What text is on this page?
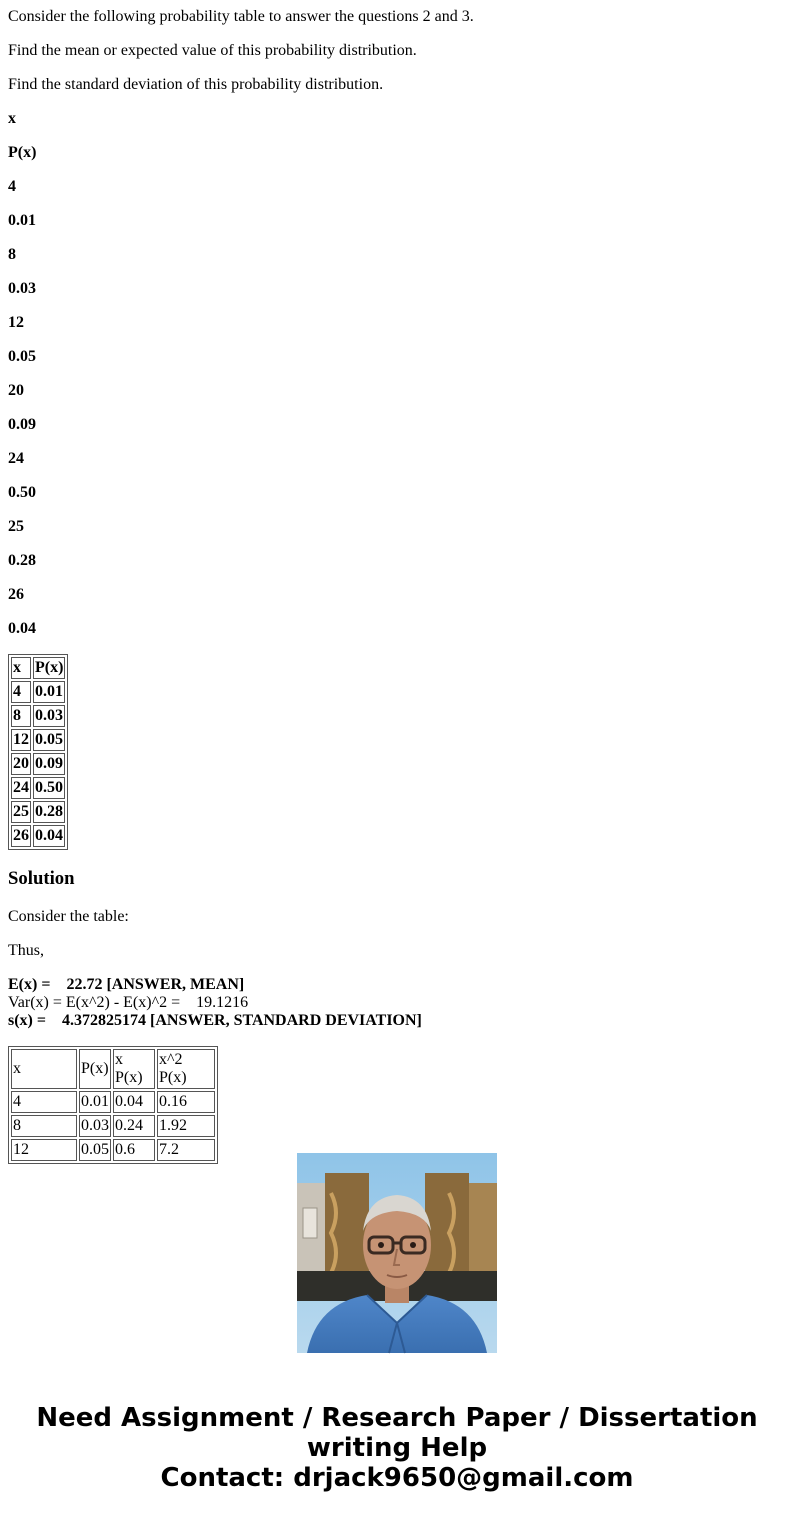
Consider the following probability table to answer the questions 2 and 3.

Find the mean or expected value of this probability distribution.

Find the standard deviation of this probability distribution.

x

P(x)

4

0.01

8

0.03

12

0.05

20

0.09

24

0.50

25

0.28

26

0.04

x	P(x)
4	0.01
8	0.03
12	0.05
20	0.09
24	0.50
25	0.28
26	0.04
Solution

Consider the table:

Thus,

E(x) =    22.72 [ANSWER, MEAN]
Var(x) = E(x^2) - E(x)^2 =    19.1216
s(x) =    4.372825174 [ANSWER, STANDARD DEVIATION]
x	P(x)	x P(x)	x^2 P(x)
4	0.01	0.04	0.16
8	0.03	0.24	1.92
12	0.05	0.6	7.2
Need Assignment / Research Paper / Dissertation
writing Help
Contact: drjack9650@gmail.com
